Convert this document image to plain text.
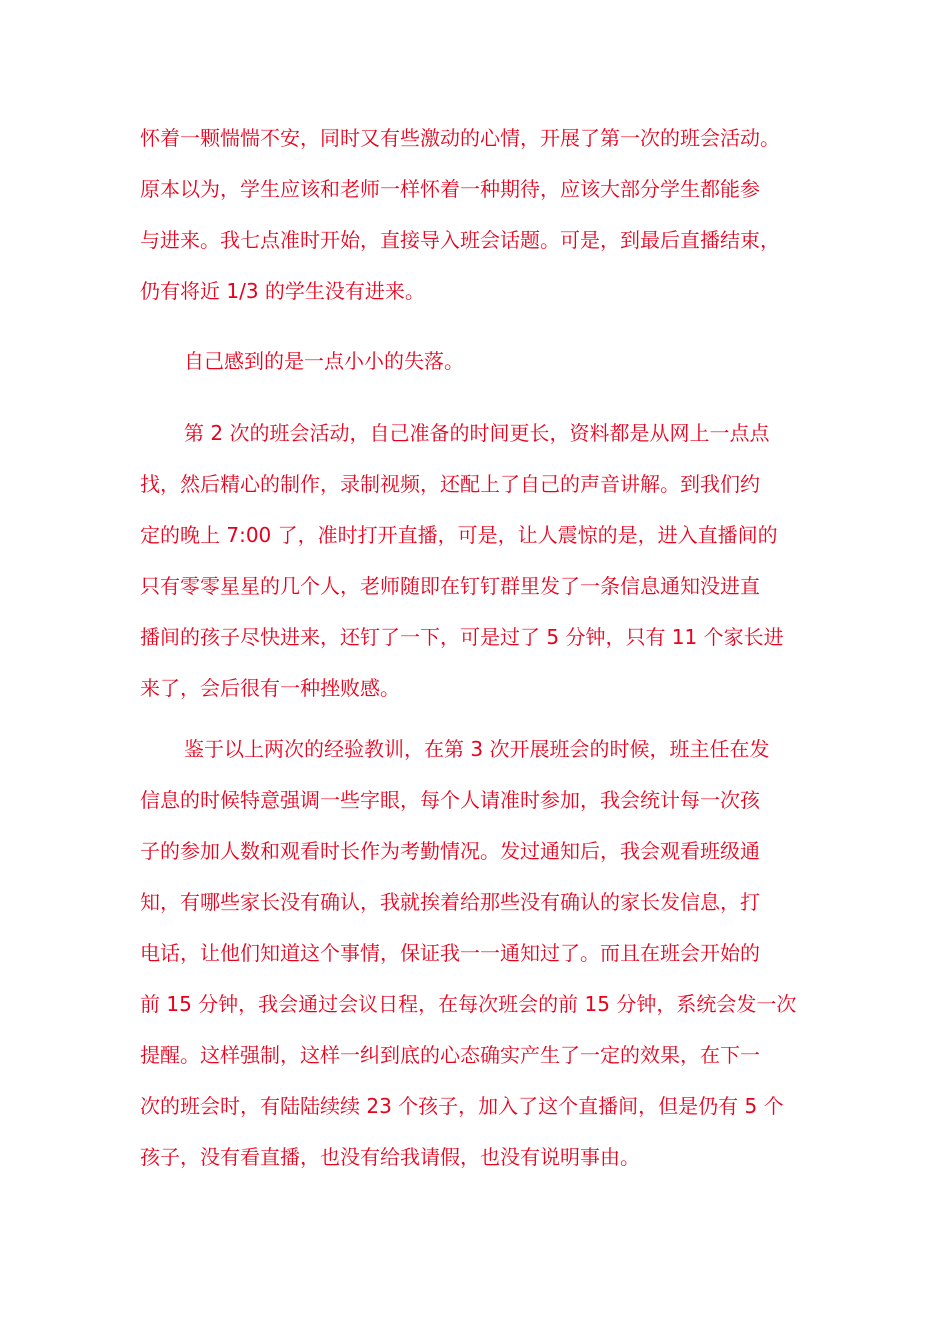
怀着一颗惴惴不安，同时又有些激动的心情，开展了第一次的班会活动。
原本以为，学生应该和老师一样怀着一种期待，应该大部分学生都能参
与进来。我七点准时开始，直接导入班会话题。可是，到最后直播结束，
仍有将近 1/3 的学生没有进来。

自己感到的是一点小小的失落。

第 2 次的班会活动，自己准备的时间更长，资料都是从网上一点点
找，然后精心的制作，录制视频，还配上了自己的声音讲解。到我们约
定的晚上 7:00 了，准时打开直播，可是，让人震惊的是，进入直播间的
只有零零星星的几个人，老师随即在钉钉群里发了一条信息通知没进直
播间的孩子尽快进来，还钉了一下，可是过了 5 分钟，只有 11 个家长进
来了，会后很有一种挫败感。

鉴于以上两次的经验教训，在第 3 次开展班会的时候，班主任在发
信息的时候特意强调一些字眼，每个人请准时参加，我会统计每一次孩
子的参加人数和观看时长作为考勤情况。发过通知后，我会观看班级通
知，有哪些家长没有确认，我就挨着给那些没有确认的家长发信息，打
电话，让他们知道这个事情，保证我一一通知过了。而且在班会开始的
前 15 分钟，我会通过会议日程，在每次班会的前 15 分钟，系统会发一次
提醒。这样强制，这样一纠到底的心态确实产生了一定的效果，在下一
次的班会时，有陆陆续续 23 个孩子，加入了这个直播间，但是仍有 5 个
孩子，没有看直播，也没有给我请假，也没有说明事由。
